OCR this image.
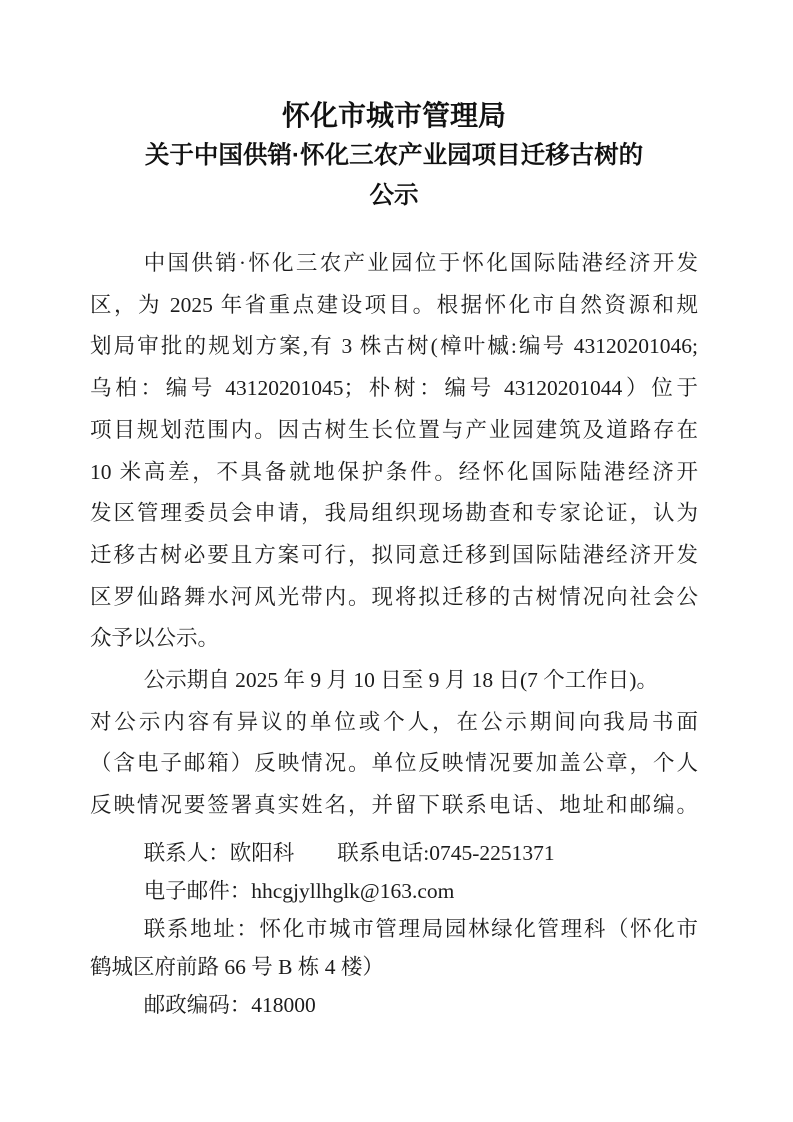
怀化市城市管理局
关于中国供销·怀化三农产业园项目迁移古树的
公示
中国供销·怀化三农产业园位于怀化国际陆港经济开发
区，为 2025 年省重点建设项目。根据怀化市自然资源和规
划局审批的规划方案,有 3 株古树(樟叶槭:编号 43120201046;
乌柏：编号 43120201045；朴树：编号 43120201044）位于
项目规划范围内。因古树生长位置与产业园建筑及道路存在
10 米高差，不具备就地保护条件。经怀化国际陆港经济开
发区管理委员会申请，我局组织现场勘查和专家论证，认为
迁移古树必要且方案可行，拟同意迁移到国际陆港经济开发
区罗仙路舞水河风光带内。现将拟迁移的古树情况向社会公
众予以公示。
公示期自 2025 年 9 月 10 日至 9 月 18 日(7 个工作日)。
对公示内容有异议的单位或个人，在公示期间向我局书面
（含电子邮箱）反映情况。单位反映情况要加盖公章，个人
反映情况要签署真实姓名，并留下联系电话、地址和邮编。
联系人：欧阳科　　联系电话:0745-2251371
电子邮件：hhcgjyllhglk@163.com
联系地址：怀化市城市管理局园林绿化管理科（怀化市
鹤城区府前路 66 号 B 栋 4 楼）
邮政编码：418000
